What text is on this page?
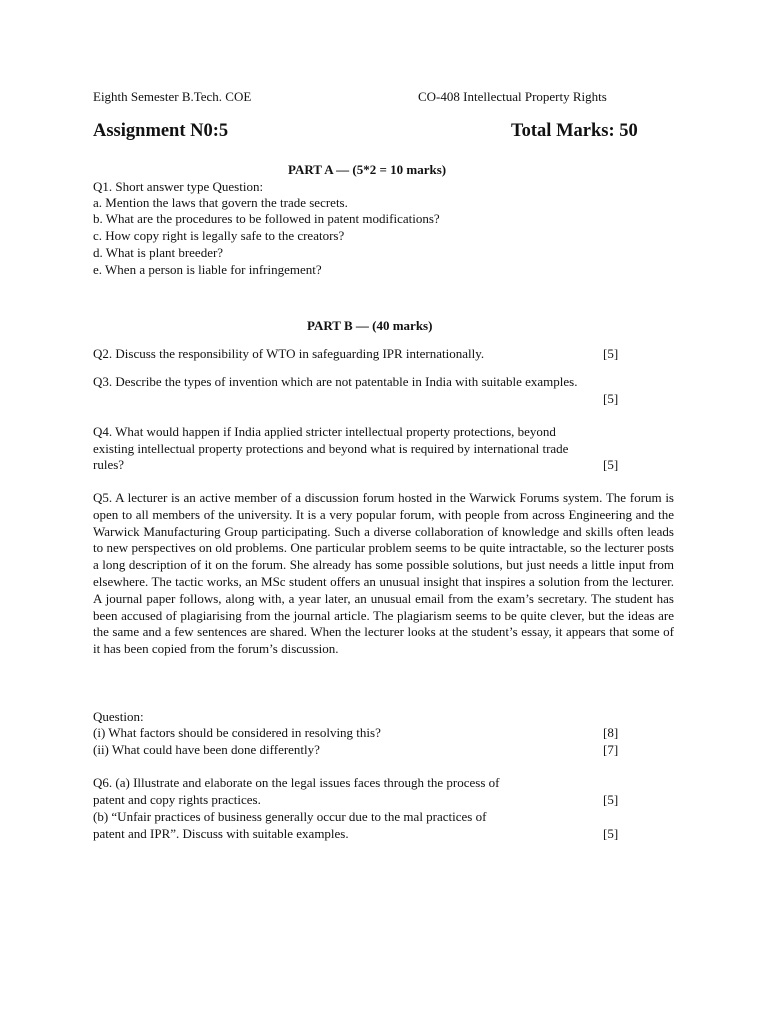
Eighth Semester B.Tech. COE	CO-408 Intellectual Property Rights
Assignment N0:5	Total Marks: 50
PART A — (5*2 = 10 marks)
Q1. Short answer type Question:
a. Mention the laws that govern the trade secrets.
b. What are the procedures to be followed in patent modifications?
c. How copy right is legally safe to the creators?
d. What is plant breeder?
e. When a person is liable for infringement?
PART B — (40 marks)
Q2. Discuss the responsibility of WTO in safeguarding IPR internationally.	[5]
Q3. Describe the types of invention which are not patentable in India with suitable examples.
[5]
Q4. What would happen if India applied stricter intellectual property protections, beyond
existing intellectual property protections and beyond what is required by international trade
rules?	[5]
Q5. A lecturer is an active member of a discussion forum hosted in the Warwick Forums system. The forum is open to all members of the university. It is a very popular forum, with people from across Engineering and the Warwick Manufacturing Group participating. Such a diverse collaboration of knowledge and skills often leads to new perspectives on old problems. One particular problem seems to be quite intractable, so the lecturer posts a long description of it on the forum. She already has some possible solutions, but just needs a little input from elsewhere. The tactic works, an MSc student offers an unusual insight that inspires a solution from the lecturer. A journal paper follows, along with, a year later, an unusual email from the exam’s secretary. The student has been accused of plagiarising from the journal article. The plagiarism seems to be quite clever, but the ideas are the same and a few sentences are shared. When the lecturer looks at the student’s essay, it appears that some of it has been copied from the forum’s discussion.
Question:
(i) What factors should be considered in resolving this?	[8]
(ii) What could have been done differently?	[7]
Q6. (a) Illustrate and elaborate on the legal issues faces through the process of
patent and copy rights practices.	[5]
(b) “Unfair practices of business generally occur due to the mal practices of
patent and IPR”. Discuss with suitable examples.	[5]
